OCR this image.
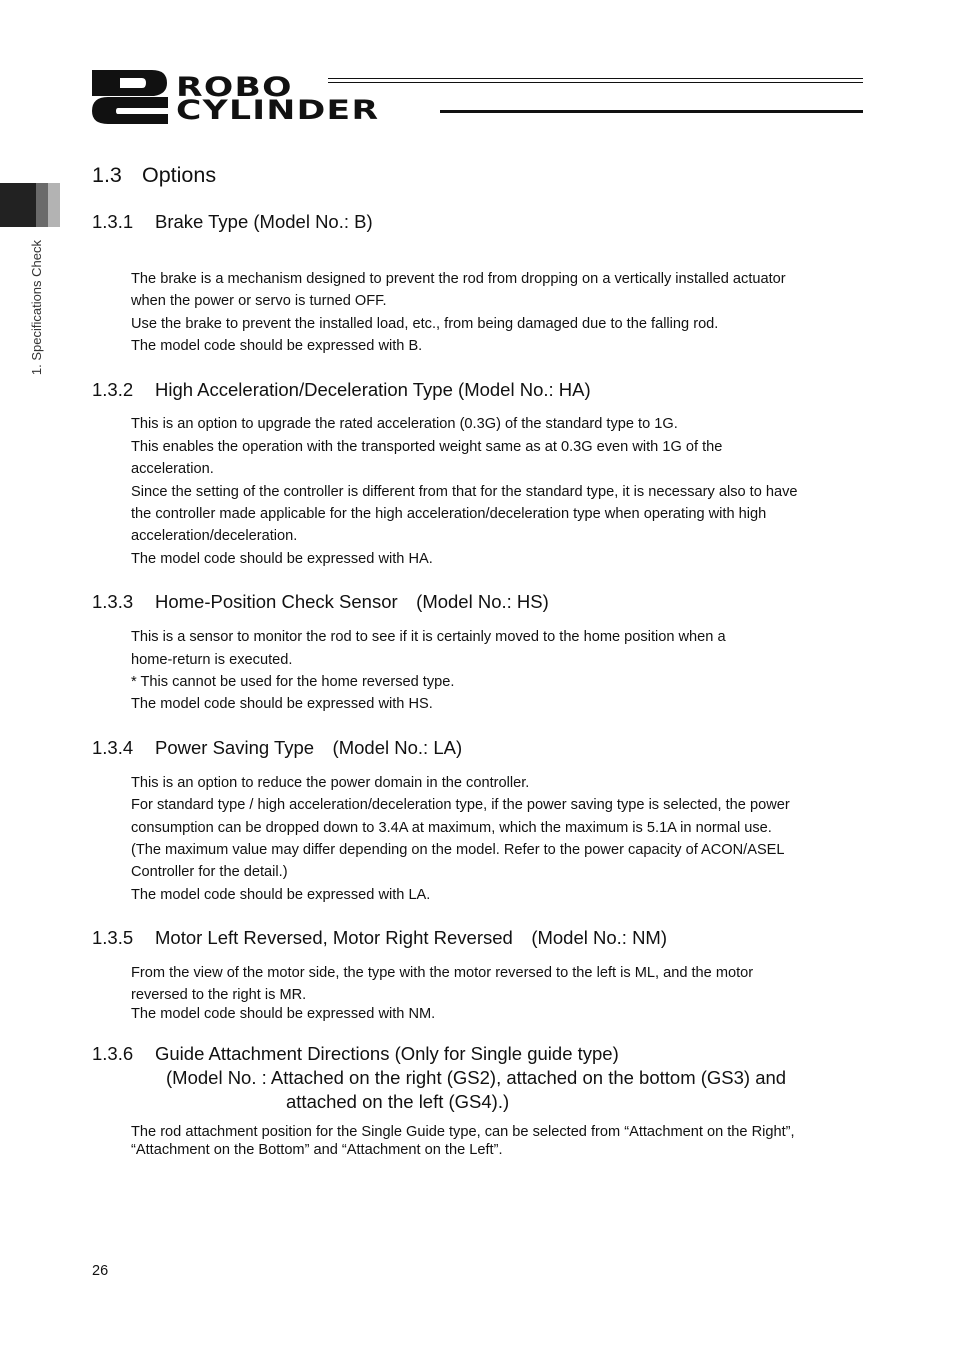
ROBO
CYLINDER
1. Specifications Check
1.3 Options
1.3.1 Brake Type (Model No.: B)
The brake is a mechanism designed to prevent the rod from dropping on a vertically installed actuator
when the power or servo is turned OFF.
Use the brake to prevent the installed load, etc., from being damaged due to the falling rod.
The model code should be expressed with B.
1.3.2 High Acceleration/Deceleration Type (Model No.: HA)
This is an option to upgrade the rated acceleration (0.3G) of the standard type to 1G.
This enables the operation with the transported weight same as at 0.3G even with 1G of the
acceleration.
Since the setting of the controller is different from that for the standard type, it is necessary also to have
the controller made applicable for the high acceleration/deceleration type when operating with high
acceleration/deceleration.
The model code should be expressed with HA.
1.3.3 Home-Position Check Sensor　(Model No.: HS)
This is a sensor to monitor the rod to see if it is certainly moved to the home position when a
home-return is executed.
* This cannot be used for the home reversed type.
The model code should be expressed with HS.
1.3.4 Power Saving Type　(Model No.: LA)
This is an option to reduce the power domain in the controller.
For standard type / high acceleration/deceleration type, if the power saving type is selected, the power
consumption can be dropped down to 3.4A at maximum, which the maximum is 5.1A in normal use.
(The maximum value may differ depending on the model. Refer to the power capacity of ACON/ASEL
Controller for the detail.)
The model code should be expressed with LA.
1.3.5 Motor Left Reversed, Motor Right Reversed　(Model No.: NM)
From the view of the motor side, the type with the motor reversed to the left is ML, and the motor
reversed to the right is MR.
The model code should be expressed with NM.
1.3.6 Guide Attachment Directions (Only for Single guide type)
(Model No. : Attached on the right (GS2), attached on the bottom (GS3) and
attached on the left (GS4).)
The rod attachment position for the Single Guide type, can be selected from “Attachment on the Right”,
“Attachment on the Bottom” and “Attachment on the Left”.
26
